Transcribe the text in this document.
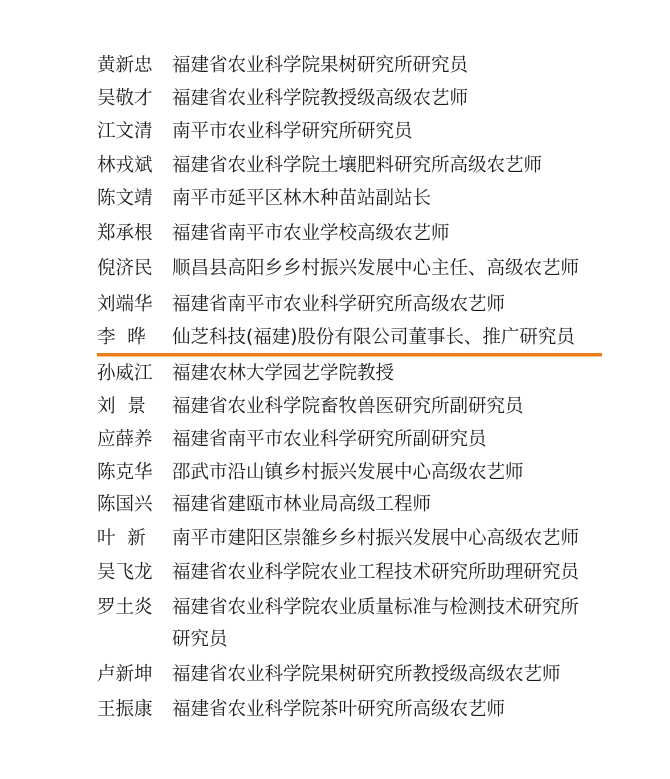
黄新忠 福建省农业科学院果树研究所研究员
吴敬才 福建省农业科学院教授级高级农艺师
江文清 南平市农业科学研究所研究员
林戎斌 福建省农业科学院土壤肥料研究所高级农艺师
陈文靖 南平市延平区林木种苗站副站长
郑承根 福建省南平市农业学校高级农艺师
倪济民 顺昌县高阳乡乡村振兴发展中心主任、高级农艺师
刘端华 福建省南平市农业科学研究所高级农艺师
李  晔	仙芝科技(福建)股份有限公司董事长、推广研究员
孙威江 福建农林大学园艺学院教授
刘  景	福建省农业科学院畜牧兽医研究所副研究员
应薛养 福建省南平市农业科学研究所副研究员
陈克华 邵武市沿山镇乡村振兴发展中心高级农艺师
陈国兴 福建省建瓯市林业局高级工程师
叶  新	南平市建阳区崇雒乡乡村振兴发展中心高级农艺师
吴飞龙 福建省农业科学院农业工程技术研究所助理研究员
罗土炎 福建省农业科学院农业质量标准与检测技术研究所
研究员
卢新坤 福建省农业科学院果树研究所教授级高级农艺师
王振康 福建省农业科学院茶叶研究所高级农艺师
